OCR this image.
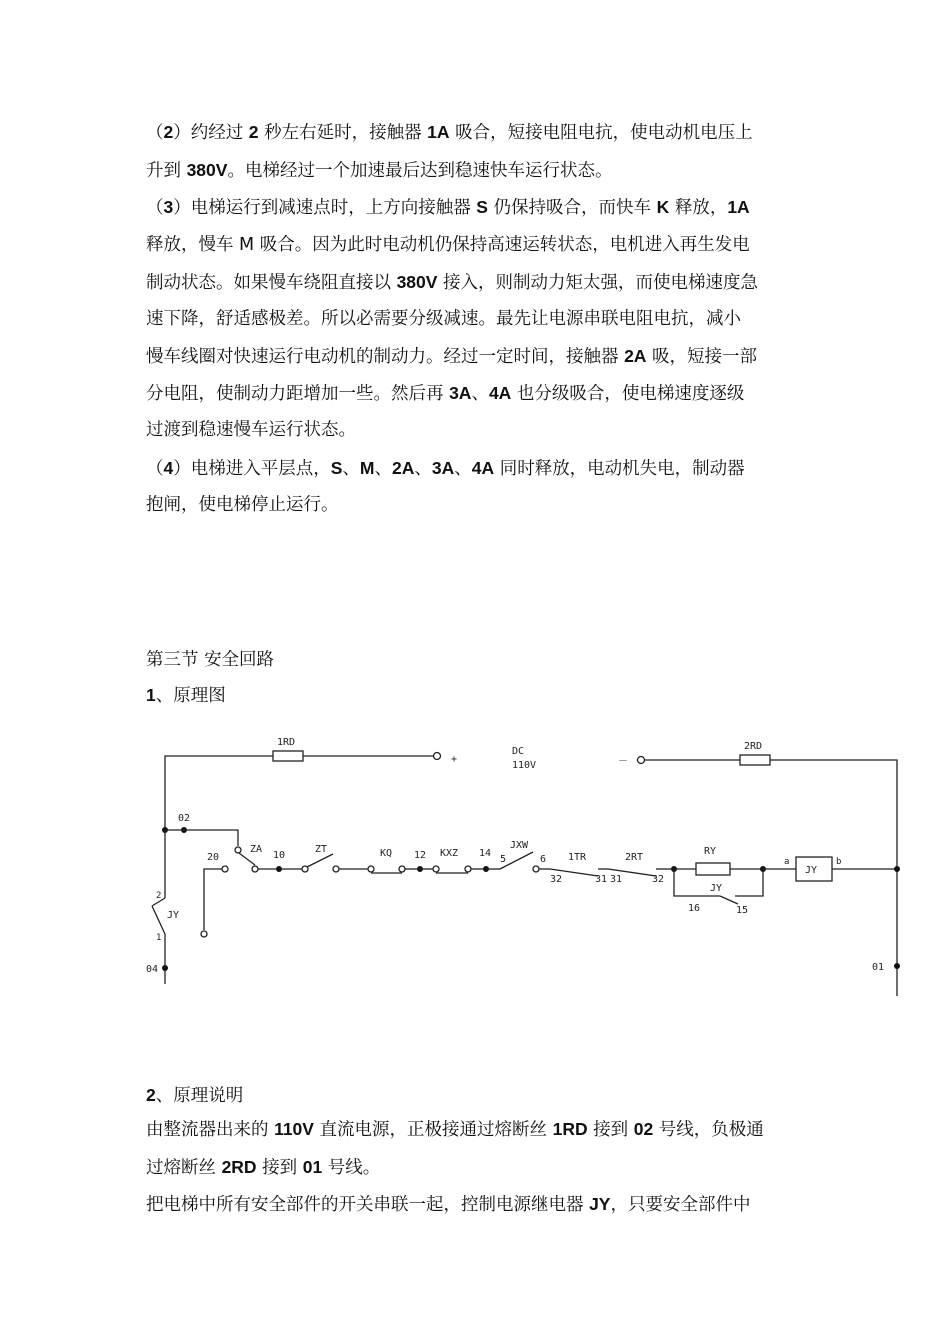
（2）约经过 2 秒左右延时，接触器 1A 吸合，短接电阻电抗，使电动机电压上

升到 380V。电梯经过一个加速最后达到稳速快车运行状态。

（3）电梯运行到减速点时，上方向接触器 S 仍保持吸合，而快车 K 释放，1A

释放，慢车 M 吸合。因为此时电动机仍保持高速运转状态，电机进入再生发电

制动状态。如果慢车绕阻直接以 380V 接入，则制动力矩太强，而使电梯速度急

速下降，舒适感极差。所以必需要分级减速。最先让电源串联电阻电抗，减小

慢车线圈对快速运行电动机的制动力。经过一定时间，接触器 2A 吸，短接一部

分电阻，使制动力距增加一些。然后再 3A、4A 也分级吸合，使电梯速度逐级

过渡到稳速慢车运行状态。

（4）电梯进入平层点，S、M、2A、3A、4A 同时释放，电动机失电，制动器

抱闸，使电梯停止运行。

第三节 安全回路

1、原理图

+
1RD
DC
110V	－
2RD
02
2
JY
1
04
20
ZA
10
ZT	KQ 12 KXZ 14
5
JXW
6 1TR
32	31 31
2RT
32
RY
JY
16	15
a
JY
b
01

2、原理说明

由整流器出来的 110V 直流电源，正极接通过熔断丝 1RD 接到 02 号线，负极通

过熔断丝 2RD 接到 01 号线。

把电梯中所有安全部件的开关串联一起，控制电源继电器 JY，只要安全部件中
